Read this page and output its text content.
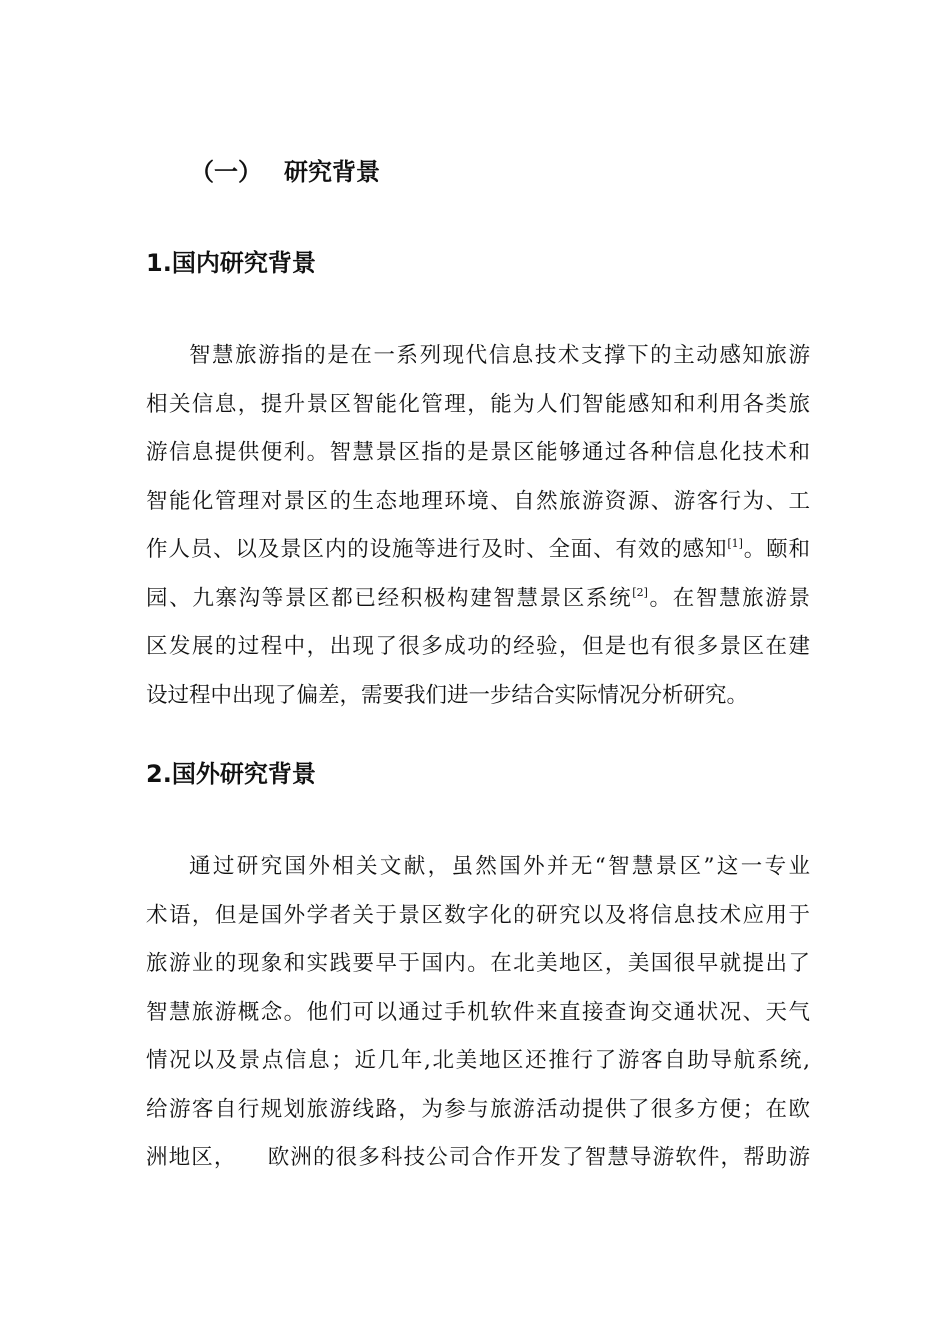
（一） 研究背景
1.国内研究背景
智慧旅游指的是在一系列现代信息技术支撑下的主动感知旅游
相关信息，提升景区智能化管理，能为人们智能感知和利用各类旅
游信息提供便利。智慧景区指的是景区能够通过各种信息化技术和
智能化管理对景区的生态地理环境、自然旅游资源、游客行为、工
作人员、以及景区内的设施等进行及时、全面、有效的感知[1]。颐和
园、九寨沟等景区都已经积极构建智慧景区系统[2]。在智慧旅游景
区发展的过程中，出现了很多成功的经验，但是也有很多景区在建
设过程中出现了偏差，需要我们进一步结合实际情况分析研究。
2.国外研究背景
通过研究国外相关文献，虽然国外并无“智慧景区”这一专业
术语，但是国外学者关于景区数字化的研究以及将信息技术应用于
旅游业的现象和实践要早于国内。在北美地区，美国很早就提出了
智慧旅游概念。他们可以通过手机软件来直接查询交通状况、天气
情况以及景点信息；近几年,北美地区还推行了游客自助导航系统,
给游客自行规划旅游线路，为参与旅游活动提供了很多方便；在欧
洲地区， 欧洲的很多科技公司合作开发了智慧导游软件，帮助游
